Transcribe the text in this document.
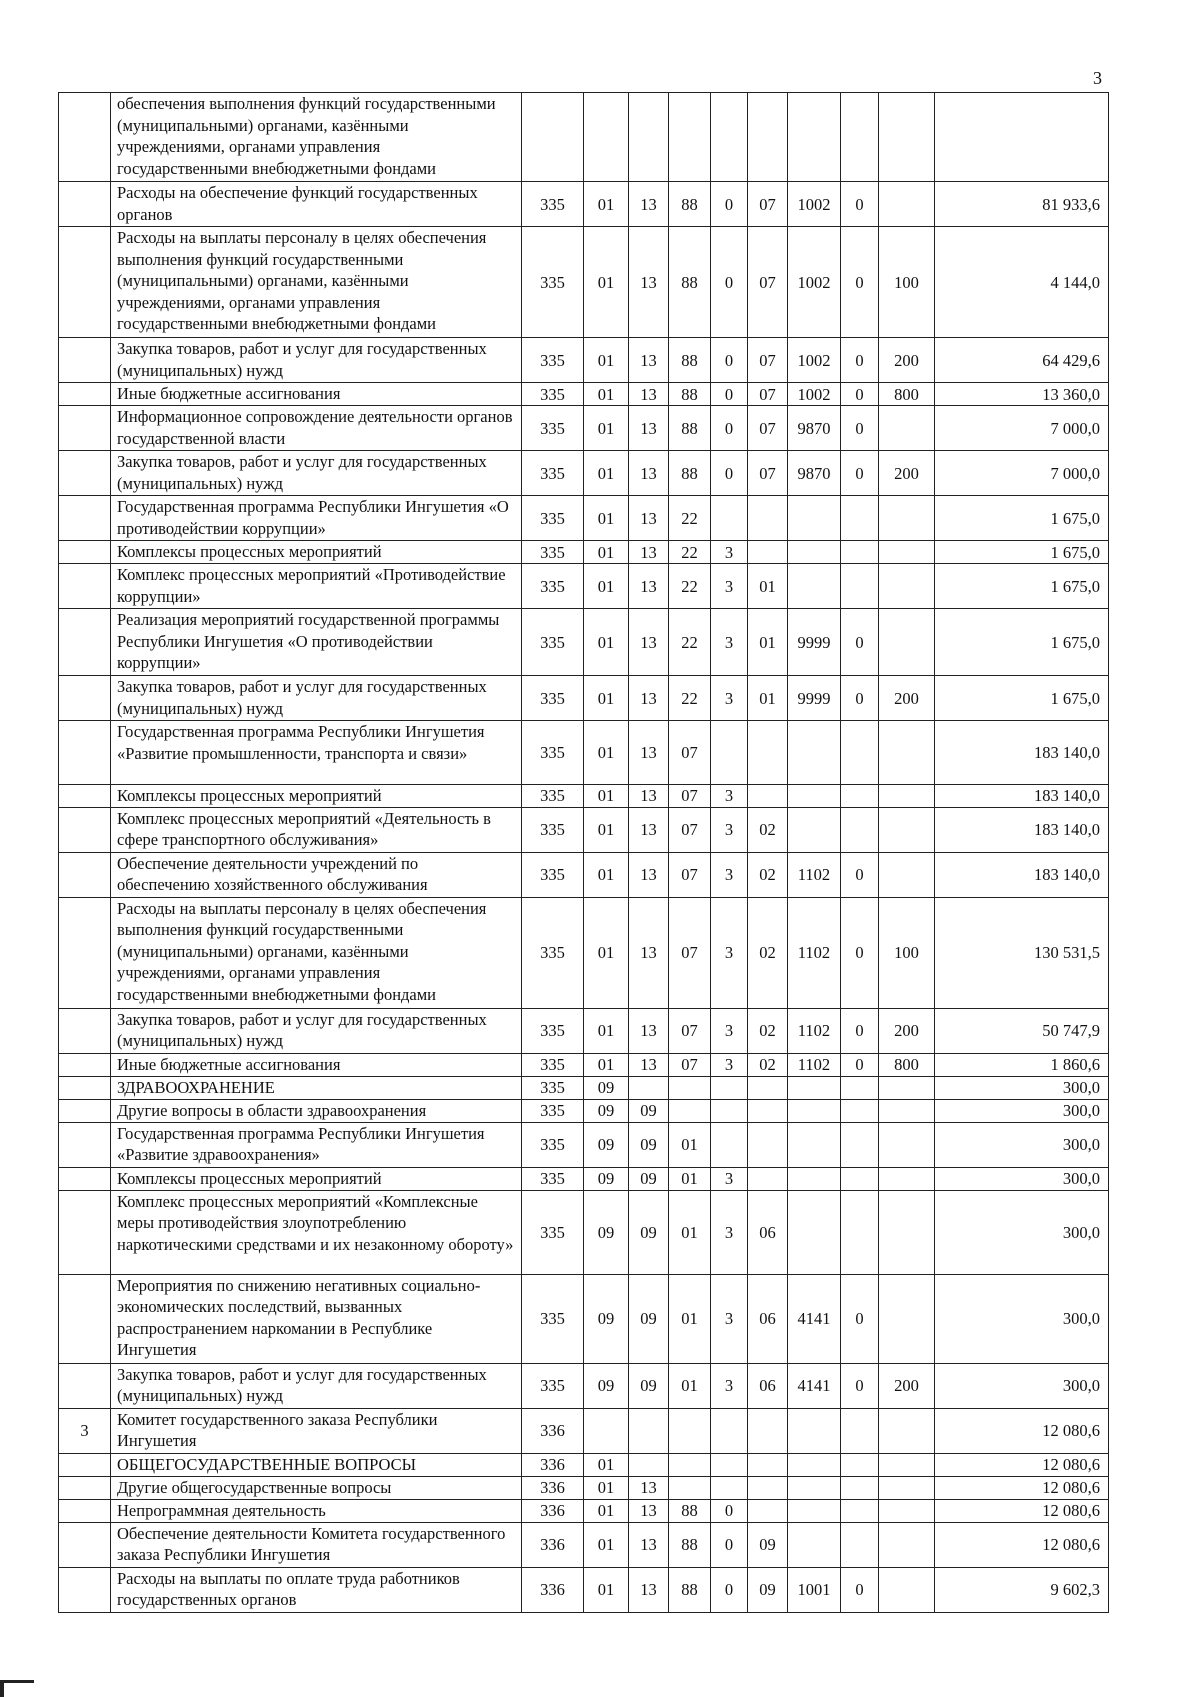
3
	обеспечения выполнения функций государственными (муниципальными) органами, казёнными учреждениями, органами управления государственными внебюджетными фондами										
	Расходы на обеспечение функций государственных органов	335	01	13	88	0	07	1002	0		81 933,6
	Расходы на выплаты персоналу в целях обеспечения выполнения функций государственными (муниципальными) органами, казёнными учреждениями, органами управления государственными внебюджетными фондами	335	01	13	88	0	07	1002	0	100	4 144,0
	Закупка товаров, работ и услуг для государственных (муниципальных) нужд	335	01	13	88	0	07	1002	0	200	64 429,6
	Иные бюджетные ассигнования	335	01	13	88	0	07	1002	0	800	13 360,0
	Информационное сопровождение деятельности органов государственной власти	335	01	13	88	0	07	9870	0		7 000,0
	Закупка товаров, работ и услуг для государственных (муниципальных) нужд	335	01	13	88	0	07	9870	0	200	7 000,0
	Государственная программа Республики Ингушетия «О противодействии коррупции»	335	01	13	22						1 675,0
	Комплексы процессных мероприятий	335	01	13	22	3					1 675,0
	Комплекс процессных мероприятий «Противодействие коррупции»	335	01	13	22	3	01				1 675,0
	Реализация мероприятий государственной программы Республики Ингушетия «О противодействии коррупции»	335	01	13	22	3	01	9999	0		1 675,0
	Закупка товаров, работ и услуг для государственных (муниципальных) нужд	335	01	13	22	3	01	9999	0	200	1 675,0
	Государственная программа Республики Ингушетия «Развитие промышленности, транспорта и связи»	335	01	13	07						183 140,0
	Комплексы процессных мероприятий	335	01	13	07	3					183 140,0
	Комплекс процессных мероприятий «Деятельность в сфере транспортного обслуживания»	335	01	13	07	3	02				183 140,0
	Обеспечение деятельности учреждений по обеспечению хозяйственного обслуживания	335	01	13	07	3	02	1102	0		183 140,0
	Расходы на выплаты персоналу в целях обеспечения выполнения функций государственными (муниципальными) органами, казёнными учреждениями, органами управления государственными внебюджетными фондами	335	01	13	07	3	02	1102	0	100	130 531,5
	Закупка товаров, работ и услуг для государственных (муниципальных) нужд	335	01	13	07	3	02	1102	0	200	50 747,9
	Иные бюджетные ассигнования	335	01	13	07	3	02	1102	0	800	1 860,6
	ЗДРАВООХРАНЕНИЕ	335	09								300,0
	Другие вопросы в области здравоохранения	335	09	09							300,0
	Государственная программа Республики Ингушетия «Развитие здравоохранения»	335	09	09	01						300,0
	Комплексы процессных мероприятий	335	09	09	01	3					300,0
	Комплекс процессных мероприятий «Комплексные меры противодействия злоупотреблению наркотическими средствами и их незаконному обороту»	335	09	09	01	3	06				300,0
	Мероприятия по снижению негативных социально-экономических последствий, вызванных распространением наркомании в Республике Ингушетия	335	09	09	01	3	06	4141	0		300,0
	Закупка товаров, работ и услуг для государственных (муниципальных) нужд	335	09	09	01	3	06	4141	0	200	300,0
3	Комитет государственного заказа Республики Ингушетия	336									12 080,6
	ОБЩЕГОСУДАРСТВЕННЫЕ ВОПРОСЫ	336	01								12 080,6
	Другие общегосударственные вопросы	336	01	13							12 080,6
	Непрограммная деятельность	336	01	13	88	0					12 080,6
	Обеспечение деятельности Комитета государственного заказа Республики Ингушетия	336	01	13	88	0	09				12 080,6
	Расходы на выплаты по оплате труда работников государственных органов	336	01	13	88	0	09	1001	0		9 602,3
